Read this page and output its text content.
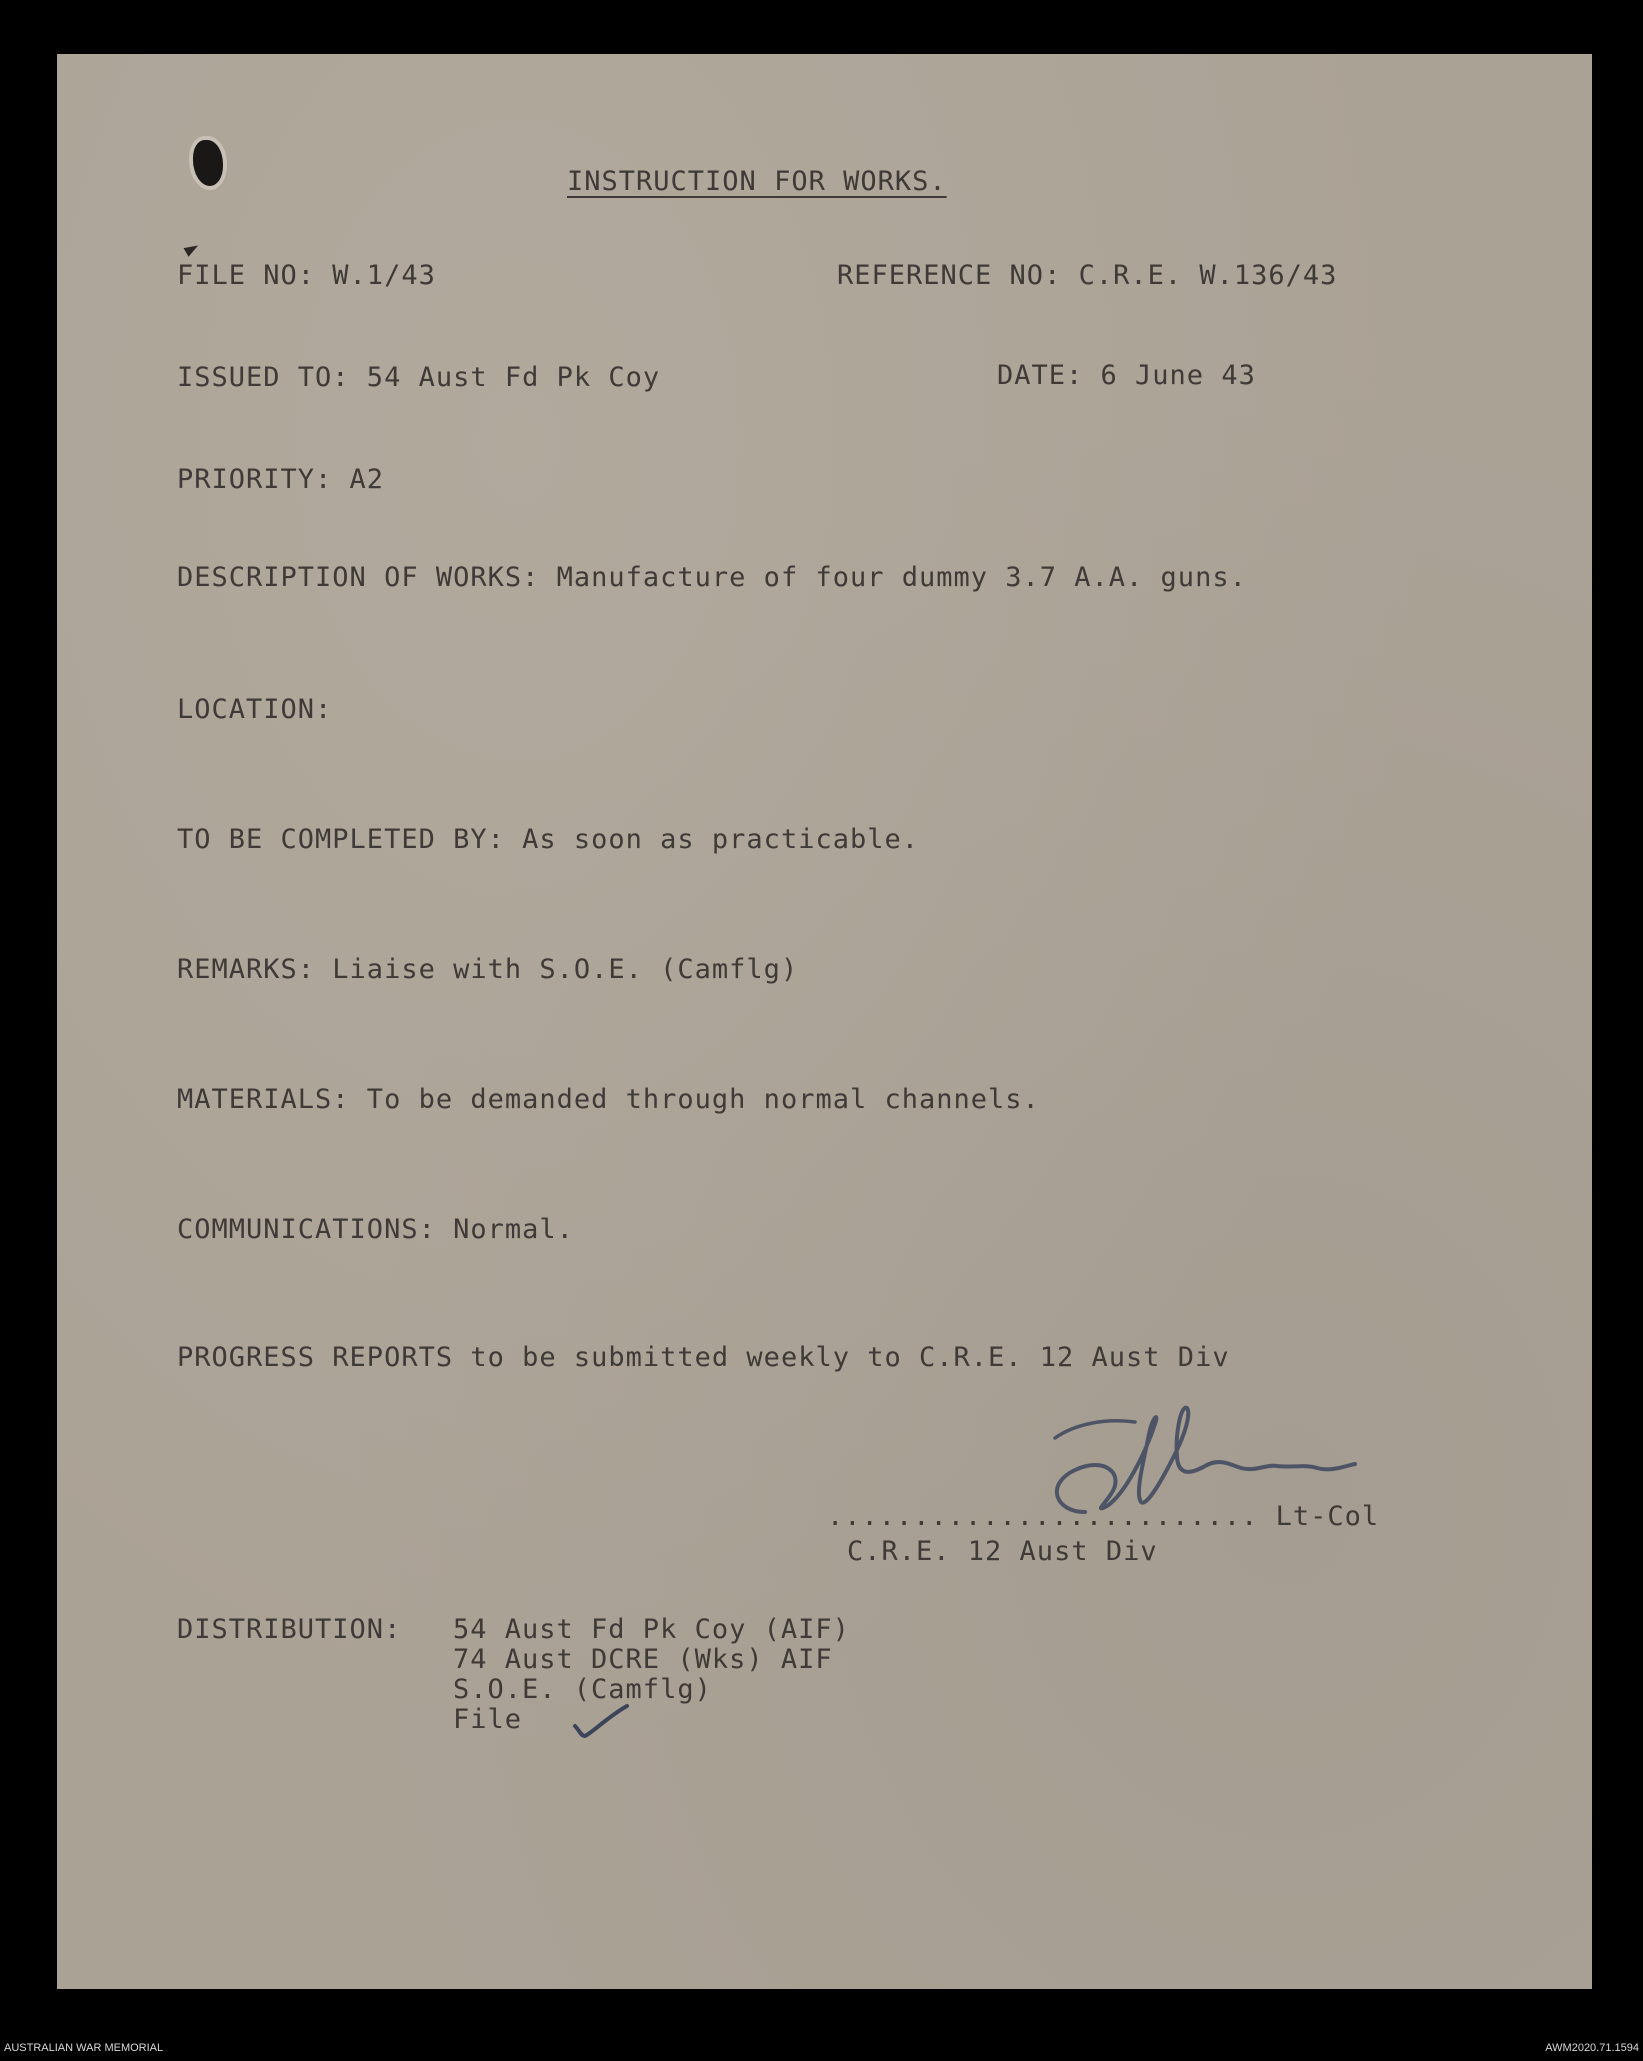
INSTRUCTION FOR WORKS.
FILE NO: W.1/43	REFERENCE NO: C.R.E. W.136/43
ISSUED TO: 54 Aust Fd Pk Coy	DATE: 6 June 43
PRIORITY: A2
DESCRIPTION OF WORKS: Manufacture of four dummy 3.7 A.A. guns.
LOCATION:
TO BE COMPLETED BY: As soon as practicable.
REMARKS: Liaise with S.O.E. (Camflg)
MATERIALS: To be demanded through normal channels.
COMMUNICATIONS: Normal.
PROGRESS REPORTS to be submitted weekly to C.R.E. 12 Aust Div
......................... Lt-Col
C.R.E. 12 Aust Div
DISTRIBUTION: 54 Aust Fd Pk Coy (AIF)
74 Aust DCRE (Wks) AIF
S.O.E. (Camflg)
File
AUSTRALIAN WAR MEMORIAL	AWM2020.71.1594
